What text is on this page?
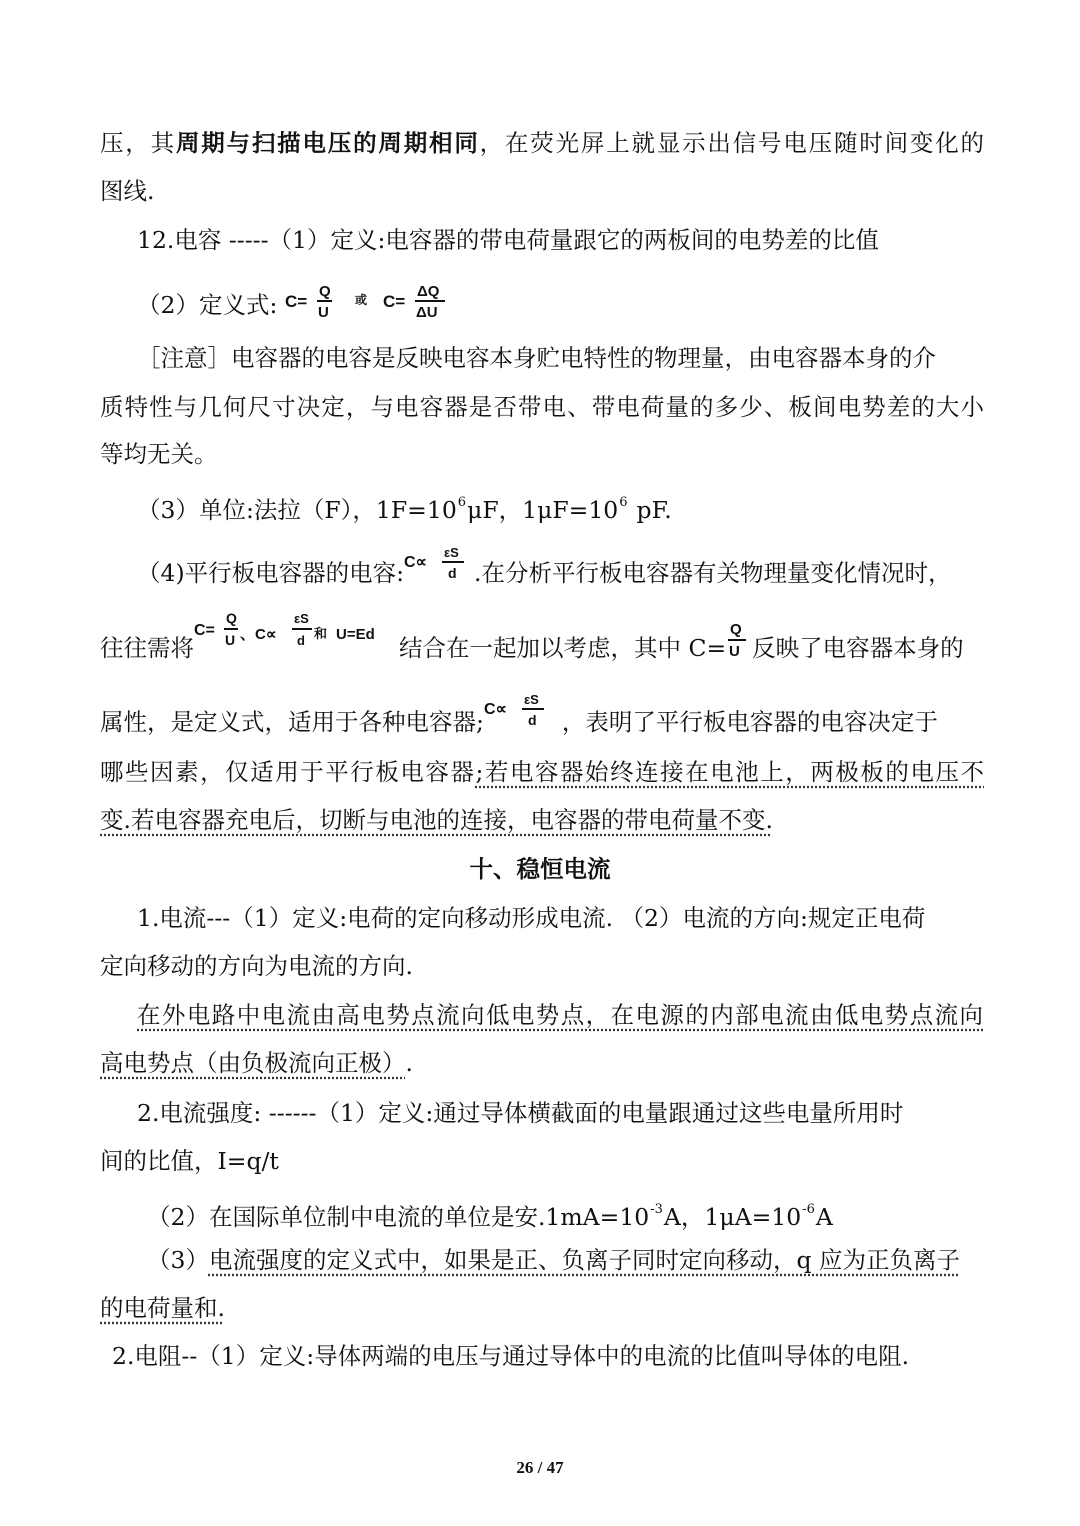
压，其周期与扫描电压的周期相同，在荧光屏上就显示出信号电压随时间变化的
图线.
12.电容 -----（1）定义:电容器的带电荷量跟它的两板间的电势差的比值
（2）定义式: C=
Q
U
或 C=
ΔQ
ΔU
［注意］电容器的电容是反映电容本身贮电特性的物理量，由电容器本身的介
质特性与几何尺寸决定，与电容器是否带电、带电荷量的多少、板间电势差的大小
等均无关。
（3）单位:法拉（F），$1F=10^6\mu F$，$1\mu F=10^6$ pF.
（4)平行板电容器的电容: C∝
εS
d .在分析平行板电容器有关物理量变化情况时，
往往需将
C=
Q
U 、C∝
εS
d 和 U=Ed 结合在一起加以考虑，其中 C=
Q
U 反映了电容器本身的
属性，是定义式，适用于各种电容器; C∝
εS
d ，表明了平行板电容器的电容决定于
哪些因素，仅适用于平行板电容器;若电容器始终连接在电池上，两极板的电压不
变.若电容器充电后，切断与电池的连接，电容器的带电荷量不变.
十、稳恒电流
1.电流---（1）定义:电荷的定向移动形成电流. （2）电流的方向:规定正电荷
定向移动的方向为电流的方向.
在外电路中电流由高电势点流向低电势点，在电源的内部电流由低电势点流向
高电势点（由负极流向正极）.
2.电流强度: ------（1）定义:通过导体横截面的电量跟通过这些电量所用时
间的比值，I=q/t
（2）在国际单位制中电流的单位是安$.1mA=10^{-3}A$，$1\mu A=10^{-6}A$
（3）电流强度的定义式中，如果是正、负离子同时定向移动，q 应为正负离子
的电荷量和.
2.电阻--（1）定义:导体两端的电压与通过导体中的电流的比值叫导体的电阻.
26 / 47
